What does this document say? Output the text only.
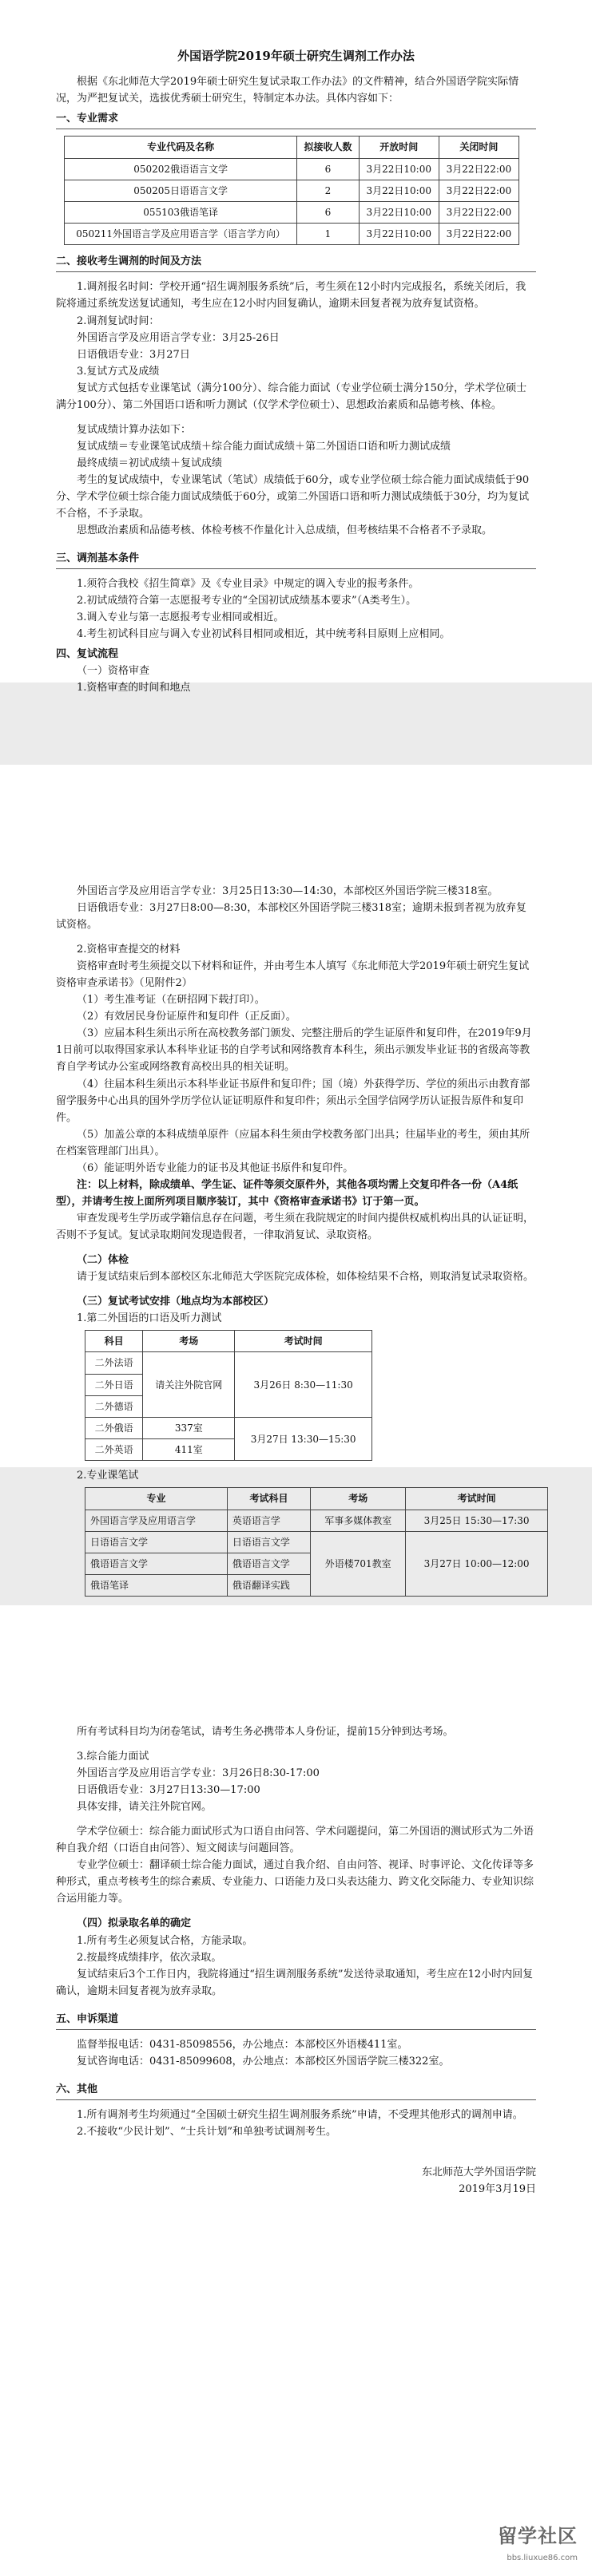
外国语学院2019年硕士研究生调剂工作办法

根据《东北师范大学2019年硕士研究生复试录取工作办法》的文件精神，结合外国语学院实际情况，为严把复试关，选拔优秀硕士研究生，特制定本办法。具体内容如下：

一、专业需求

专业代码及名称	拟接收人数	开放时间	关闭时间
050202俄语语言文学	6	3月22日10:00	3月22日22:00
050205日语语言文学	2	3月22日10:00	3月22日22:00
055103俄语笔译	6	3月22日10:00	3月22日22:00
050211外国语言学及应用语言学（语言学方向）	1	3月22日10:00	3月22日22:00

二、接收考生调剂的时间及方法

1.调剂报名时间：学校开通“招生调剂服务系统”后，考生须在12小时内完成报名，系统关闭后，我院将通过系统发送复试通知，考生应在12小时内回复确认，逾期未回复者视为放弃复试资格。

2.调剂复试时间：

外国语言学及应用语言学专业：3月25-26日

日语俄语专业：3月27日

3.复试方式及成绩

复试方式包括专业课笔试（满分100分）、综合能力面试（专业学位硕士满分150分，学术学位硕士满分100分）、第二外国语口语和听力测试（仅学术学位硕士）、思想政治素质和品德考核、体检。

复试成绩计算办法如下：

复试成绩＝专业课笔试成绩＋综合能力面试成绩＋第二外国语口语和听力测试成绩

最终成绩＝初试成绩＋复试成绩

考生的复试成绩中，专业课笔试（笔试）成绩低于60分，或专业学位硕士综合能力面试成绩低于90分、学术学位硕士综合能力面试成绩低于60分，或第二外国语口语和听力测试成绩低于30分，均为复试不合格，不予录取。

思想政治素质和品德考核、体检考核不作量化计入总成绩，但考核结果不合格者不予录取。

三、调剂基本条件

1.须符合我校《招生简章》及《专业目录》中规定的调入专业的报考条件。

2.初试成绩符合第一志愿报考专业的“全国初试成绩基本要求”（A类考生）。

3.调入专业与第一志愿报考专业相同或相近。

4.考生初试科目应与调入专业初试科目相同或相近，其中统考科目原则上应相同。

四、复试流程

（一）资格审查

1.资格审查的时间和地点

外国语言学及应用语言学专业：3月25日13:30—14:30，本部校区外国语学院三楼318室。

日语俄语专业：3月27日8:00—8:30，本部校区外国语学院三楼318室；逾期未报到者视为放弃复试资格。

2.资格审查提交的材料

资格审查时考生须提交以下材料和证件，并由考生本人填写《东北师范大学2019年硕士研究生复试资格审查承诺书》（见附件2）

（1）考生准考证（在研招网下载打印）。

（2）有效居民身份证原件和复印件（正反面）。

（3）应届本科生须出示所在高校教务部门颁发、完整注册后的学生证原件和复印件，在2019年9月1日前可以取得国家承认本科毕业证书的自学考试和网络教育本科生，须出示颁发毕业证书的省级高等教育自学考试办公室或网络教育高校出具的相关证明。

（4）往届本科生须出示本科毕业证书原件和复印件；国（境）外获得学历、学位的须出示由教育部留学服务中心出具的国外学历学位认证证明原件和复印件；须出示全国学信网学历认证报告原件和复印件。

（5）加盖公章的本科成绩单原件（应届本科生须由学校教务部门出具；往届毕业的考生，须由其所在档案管理部门出具）。

（6）能证明外语专业能力的证书及其他证书原件和复印件。

注：以上材料，除成绩单、学生证、证件等须交原件外，其他各项均需上交复印件各一份（A4纸型），并请考生按上面所列项目顺序装订，其中《资格审查承诺书》订于第一页。

审查发现考生学历或学籍信息存在问题，考生须在我院规定的时间内提供权威机构出具的认证证明，否则不予复试。复试录取期间发现造假者，一律取消复试、录取资格。

（二）体检

请于复试结束后到本部校区东北师范大学医院完成体检，如体检结果不合格，则取消复试录取资格。

（三）复试考试安排（地点均为本部校区）

1.第二外国语的口语及听力测试

科目	考场	考试时间
二外法语	请关注外院官网	3月26日 8:30—11:30
二外日语		
二外德语		
二外俄语	337室	3月27日 13:30—15:30
二外英语	411室	

2.专业课笔试

专业	考试科目	考场	考试时间
外国语言学及应用语言学	英语语言学	军事多媒体教室	3月25日 15:30—17:30
日语语言文学	日语语言文学	外语楼701教室	3月27日 10:00—12:00
俄语语言文学	俄语语言文学		
俄语笔译	俄语翻译实践		

所有考试科目均为闭卷笔试，请考生务必携带本人身份证，提前15分钟到达考场。

3.综合能力面试

外国语言学及应用语言学专业：3月26日8:30-17:00

日语俄语专业：3月27日13:30—17:00

具体安排，请关注外院官网。

学术学位硕士：综合能力面试形式为口语自由问答、学术问题提问，第二外国语的测试形式为二外语种自我介绍（口语自由问答）、短文阅读与问题回答。

专业学位硕士：翻译硕士综合能力面试，通过自我介绍、自由问答、视译、时事评论、文化传译等多种形式，重点考核考生的综合素质、专业能力、口语能力及口头表达能力、跨文化交际能力、专业知识综合运用能力等。

（四）拟录取名单的确定

1.所有考生必须复试合格，方能录取。

2.按最终成绩排序，依次录取。

复试结束后3个工作日内，我院将通过“招生调剂服务系统”发送待录取通知，考生应在12小时内回复确认，逾期未回复者视为放弃录取。

五、申诉渠道

监督举报电话：0431-85098556，办公地点：本部校区外语楼411室。

复试咨询电话：0431-85099608，办公地点：本部校区外国语学院三楼322室。

六、其他

1.所有调剂考生均须通过“全国硕士研究生招生调剂服务系统”申请，不受理其他形式的调剂申请。

2.不接收“少民计划”、“士兵计划”和单独考试调剂考生。

东北师范大学外国语学院

2019年3月19日

留学社区
bbs.liuxue86.com
